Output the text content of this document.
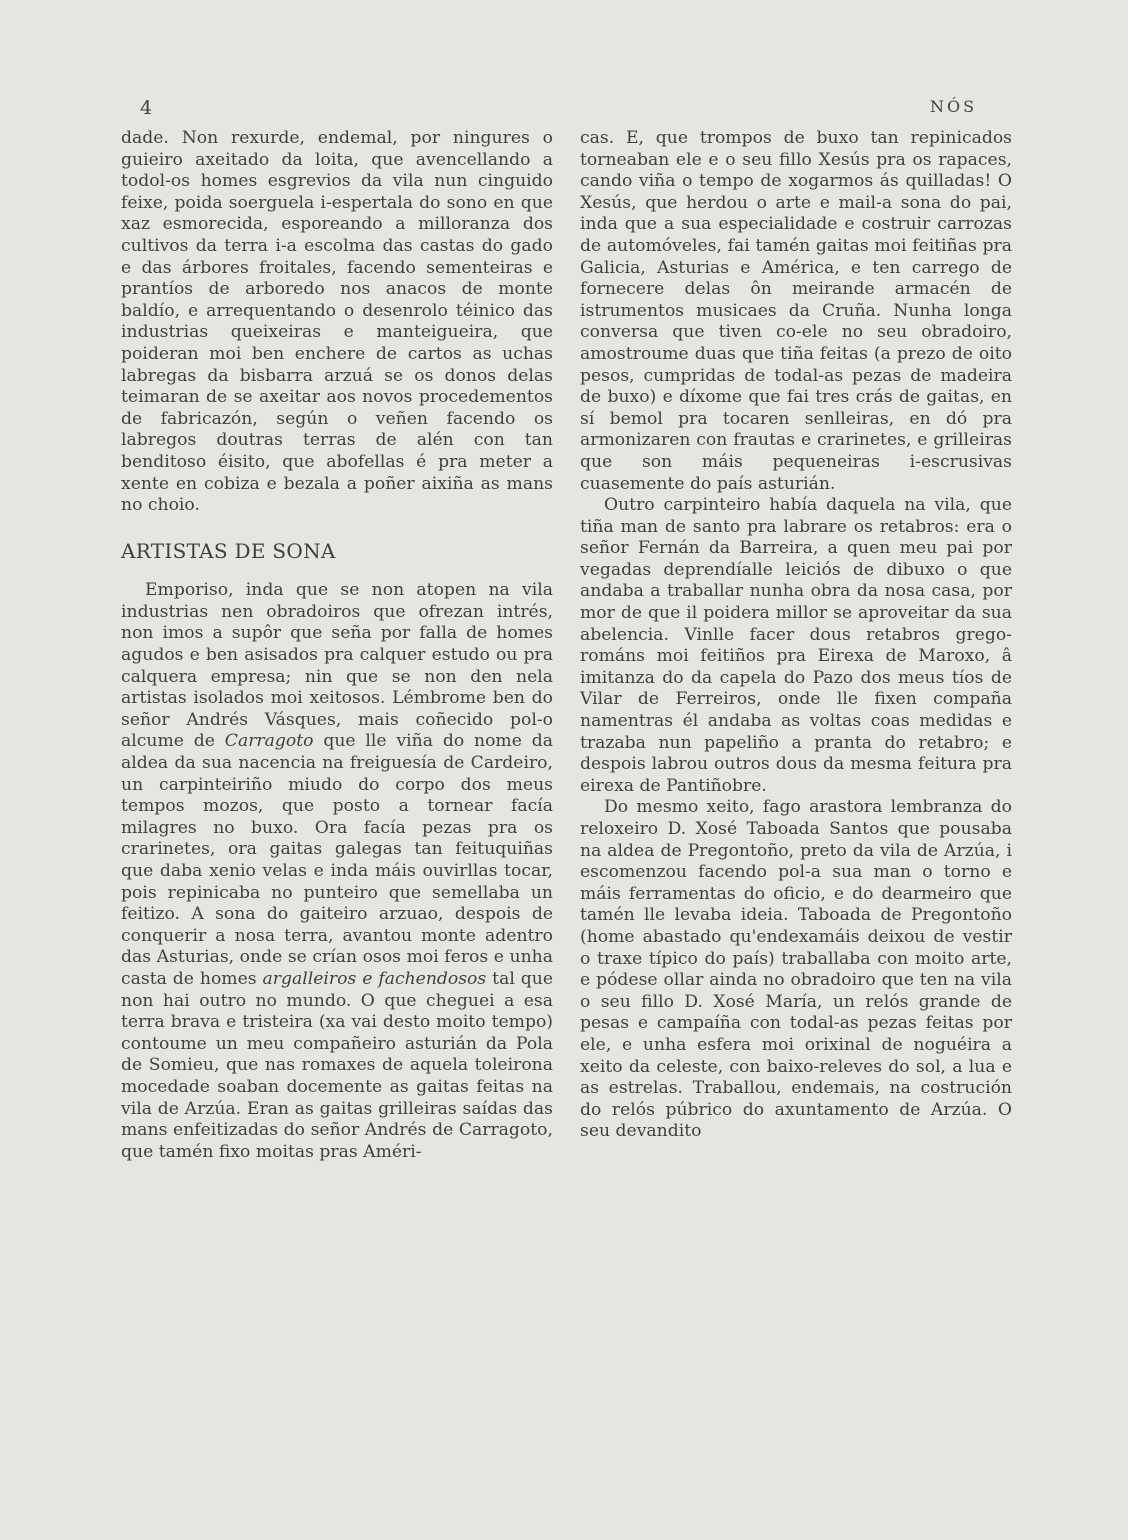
4	NÓS

dade. Non rexurde, endemal, por ningures o guieiro axeitado da loita, que avencellando a todol-os homes esgrevios da vila nun cinguido feixe, poida soerguela i-espertala do sono en que xaz esmorecida, esporeando a milloranza dos cultivos da terra i-a escolma das castas do gado e das árbores froitales, facendo sementeiras e prantíos de arboredo nos anacos de monte baldío, e arrequentando o desenrolo téinico das industrias queixeiras e manteigueira, que poideran moi ben enchere de cartos as uchas labregas da bisbarra arzuá se os donos delas teimaran de se axeitar aos novos procedementos de fabricazón, según o veñen facendo os labregos doutras terras de alén con tan benditoso éisito, que abofellas é pra meter a xente en cobiza e bezala a poñer aixiña as mans no choio.

ARTISTAS DE SONA

Emporiso, inda que se non atopen na vila industrias nen obradoiros que ofrezan intrés, non imos a supôr que seña por falla de homes agudos e ben asisados pra calquer estudo ou pra calquera empresa; nin que se non den nela artistas isolados moi xeitosos. Lémbrome ben do señor Andrés Vásques, mais coñecido pol-o alcume de Carragoto que lle viña do nome da aldea da sua nacencia na freiguesía de Cardeiro, un carpinteiriño miudo do corpo dos meus tempos mozos, que posto a tornear facía milagres no buxo. Ora facía pezas pra os crarinetes, ora gaitas galegas tan feituquiñas que daba xenio velas e inda máis ouvirllas tocar, pois repinicaba no punteiro que semellaba un feitizo. A sona do gaiteiro arzuao, despois de conquerir a nosa terra, avantou monte adentro das Asturias, onde se crían osos moi feros e unha casta de homes argalleiros e fachendosos tal que non hai outro no mundo. O que cheguei a esa terra brava e tristeira (xa vai desto moito tempo) contoume un meu compañeiro asturián da Pola de Somieu, que nas romaxes de aquela toleirona mocedade soaban docemente as gaitas feitas na vila de Arzúa. Eran as gaitas grilleiras saídas das mans enfeitizadas do señor Andrés de Carragoto, que tamén fixo moitas pras Améri-

cas. E, que trompos de buxo tan repinicados torneaban ele e o seu fillo Xesús pra os rapaces, cando viña o tempo de xogarmos ás quilladas! O Xesús, que herdou o arte e mail-a sona do pai, inda que a sua especialidade e costruir carrozas de automóveles, fai tamén gaitas moi feitiñas pra Galicia, Asturias e América, e ten carrego de fornecere delas ôn meirande armacén de istrumentos musicaes da Cruña. Nunha longa conversa que tiven co-ele no seu obradoiro, amostroume duas que tiña feitas (a prezo de oito pesos, cumpridas de todal-as pezas de madeira de buxo) e díxome que fai tres crás de gaitas, en sí bemol pra tocaren senlleiras, en dó pra armonizaren con frautas e crarinetes, e grilleiras que son máis pequeneiras i-escrusivas cuasemente do país asturián.

Outro carpinteiro había daquela na vila, que tiña man de santo pra labrare os retabros: era o señor Fernán da Barreira, a quen meu pai por vegadas deprendíalle leiciós de dibuxo o que andaba a traballar nunha obra da nosa casa, por mor de que il poidera millor se aproveitar da sua abelencia. Vinlle facer dous retabros grego-románs moi feitiños pra Eirexa de Maroxo, â imitanza do da capela do Pazo dos meus tíos de Vilar de Ferreiros, onde lle fixen compaña namentras él andaba as voltas coas medidas e trazaba nun papeliño a pranta do retabro; e despois labrou outros dous da mesma feitura pra eirexa de Pantiñobre.

Do mesmo xeito, fago arastora lembranza do reloxeiro D. Xosé Taboada Santos que pousaba na aldea de Pregontoño, preto da vila de Arzúa, i escomenzou facendo pol-a sua man o torno e máis ferramentas do oficio, e do dearmeiro que tamén lle levaba ideia. Taboada de Pregontoño (home abastado qu'endexamáis deixou de vestir o traxe típico do país) traballaba con moito arte, e pódese ollar ainda no obradoiro que ten na vila o seu fillo D. Xosé María, un relós grande de pesas e campaíña con todal-as pezas feitas por ele, e unha esfera moi orixinal de noguéira a xeito da celeste, con baixo-releves do sol, a lua e as estrelas. Traballou, endemais, na costrución do relós púbrico do axuntamento de Arzúa. O seu devandito
